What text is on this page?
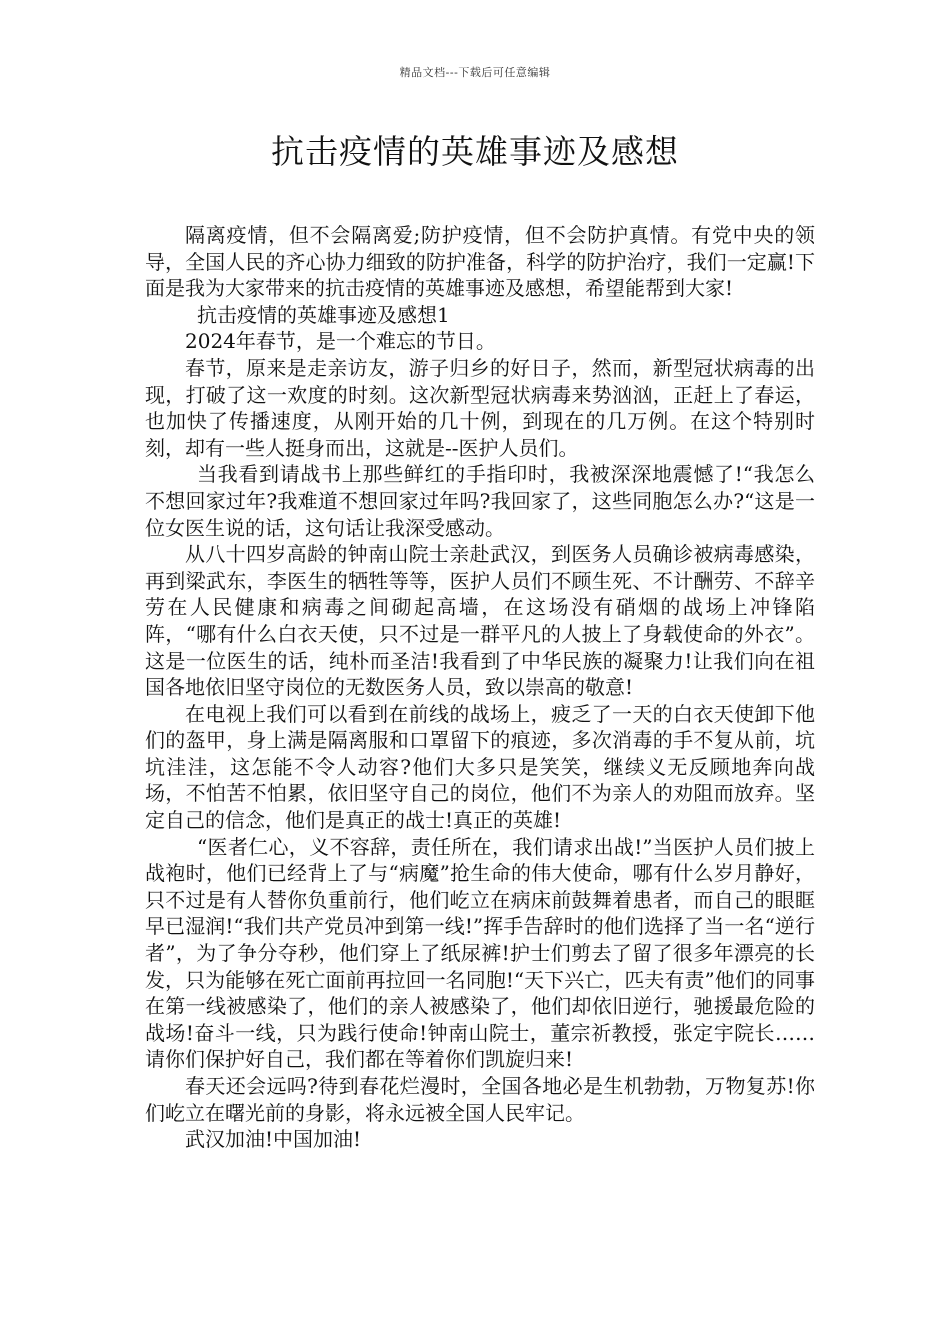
精品文档---下载后可任意编辑
抗击疫情的英雄事迹及感想

隔离疫情，但不会隔离爱;防护疫情，但不会防护真情。有党中央的领导，全国人民的齐心协力细致的防护准备，科学的防护治疗，我们一定赢!下面是我为大家带来的抗击疫情的英雄事迹及感想，希望能帮到大家!

抗击疫情的英雄事迹及感想1

2024年春节，是一个难忘的节日。

春节，原来是走亲访友，游子归乡的好日子，然而，新型冠状病毒的出现，打破了这一欢度的时刻。这次新型冠状病毒来势汹汹，正赶上了春运，也加快了传播速度，从刚开始的几十例，到现在的几万例。在这个特别时刻，却有一些人挺身而出，这就是--医护人员们。

当我看到请战书上那些鲜红的手指印时，我被深深地震憾了!“我怎么不想回家过年?我难道不想回家过年吗?我回家了，这些同胞怎么办?“这是一位女医生说的话，这句话让我深受感动。

从八十四岁高龄的钟南山院士亲赴武汉，到医务人员确诊被病毒感染，再到梁武东，李医生的牺牲等等，医护人员们不顾生死、不计酬劳、不辞辛劳在人民健康和病毒之间砌起高墙，在这场没有硝烟的战场上冲锋陷阵，“哪有什么白衣天使，只不过是一群平凡的人披上了身载使命的外衣”。这是一位医生的话，纯朴而圣洁!我看到了中华民族的凝聚力!让我们向在祖国各地依旧坚守岗位的无数医务人员，致以崇高的敬意!

在电视上我们可以看到在前线的战场上，疲乏了一天的白衣天使卸下他们的盔甲，身上满是隔离服和口罩留下的痕迹，多次消毒的手不复从前，坑坑洼洼，这怎能不令人动容?他们大多只是笑笑，继续义无反顾地奔向战场，不怕苦不怕累，依旧坚守自己的岗位，他们不为亲人的劝阻而放弃。坚定自己的信念，他们是真正的战士!真正的英雄!

“医者仁心，义不容辞，责任所在，我们请求出战!”当医护人员们披上战袍时，他们已经背上了与“病魔”抢生命的伟大使命，哪有什么岁月静好，只不过是有人替你负重前行，他们屹立在病床前鼓舞着患者，而自己的眼眶早已湿润!“我们共产党员冲到第一线!”挥手告辞时的他们选择了当一名“逆行者”，为了争分夺秒，他们穿上了纸尿裤!护士们剪去了留了很多年漂亮的长发，只为能够在死亡面前再拉回一名同胞!“天下兴亡，匹夫有责”他们的同事在第一线被感染了，他们的亲人被感染了，他们却依旧逆行，驰援最危险的战场!奋斗一线，只为践行使命!钟南山院士，董宗祈教授，张定宇院长……请你们保护好自己，我们都在等着你们凯旋归来!

春天还会远吗?待到春花烂漫时，全国各地必是生机勃勃，万物复苏!你们屹立在曙光前的身影，将永远被全国人民牢记。

武汉加油!中国加油!
